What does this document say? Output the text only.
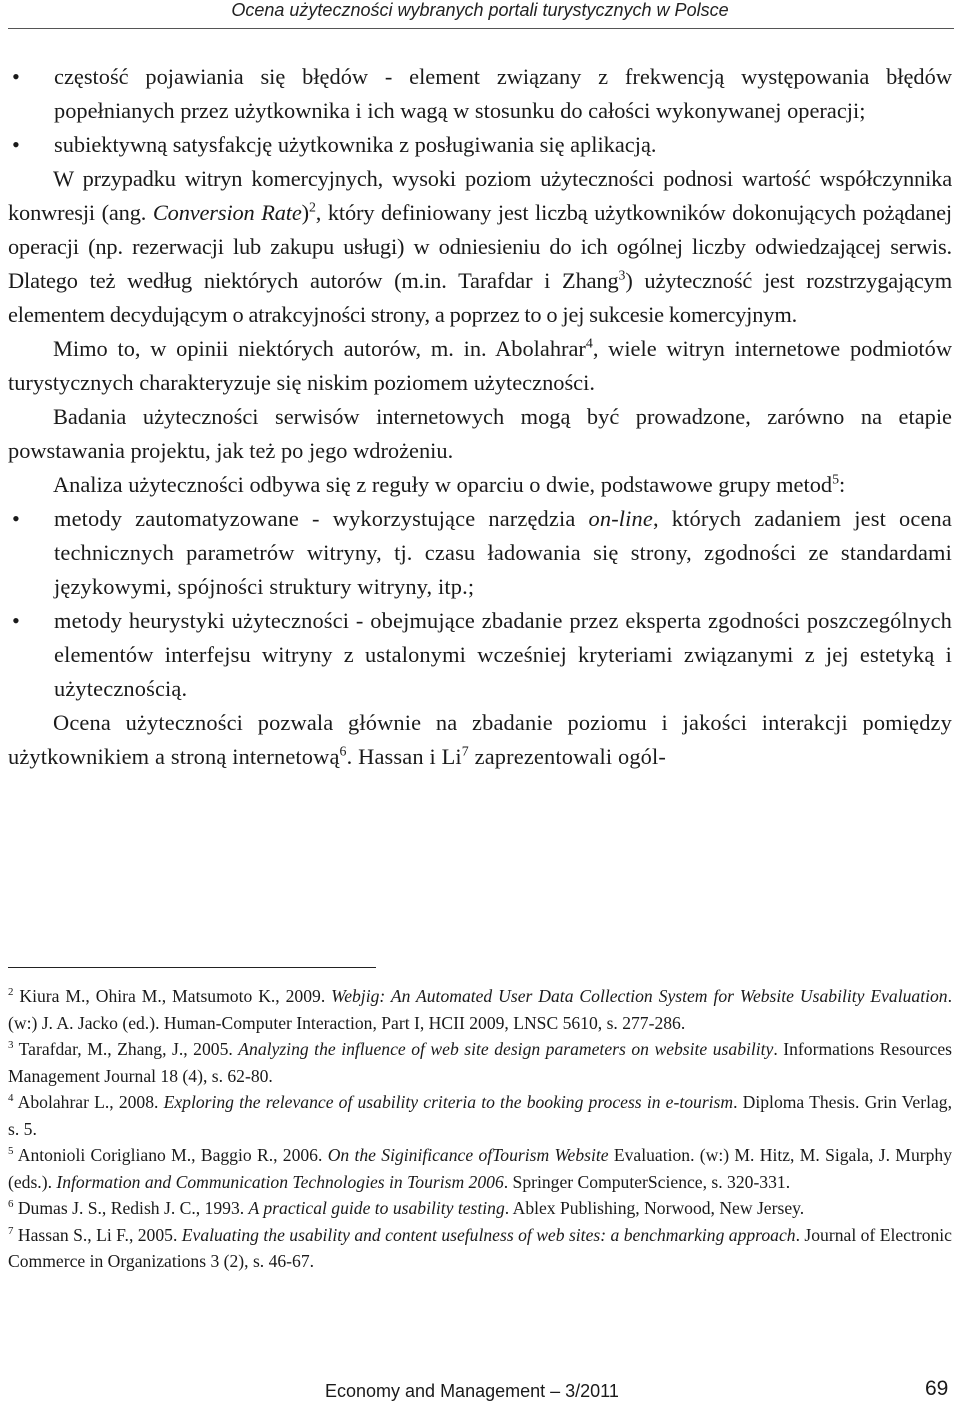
Ocena użyteczności wybranych portali turystycznych w Polsce

• częstość pojawiania się błędów - element związany z frekwencją występowania błędów popełnianych przez użytkownika i ich wagą w stosunku do całości wykonywanej operacji;

• subiektywną satysfakcję użytkownika z posługiwania się aplikacją.

W przypadku witryn komercyjnych, wysoki poziom użyteczności podnosi wartość współczynnika konwresji (ang. Conversion Rate)$^2$, który definiowany jest liczbą użytkowników dokonujących pożądanej operacji (np. rezerwacji lub zakupu usługi) w odniesieniu do ich ogólnej liczby odwiedzającej serwis. Dlatego też według niektórych autorów (m.in. Tarafdar i Zhang$^3$) użyteczność jest rozstrzygającym elementem decydującym o atrakcyjności strony, a poprzez to o jej sukcesie komercyjnym.

Mimo to, w opinii niektórych autorów, m. in. Abolahrar$^4$, wiele witryn internetowe podmiotów turystycznych charakteryzuje się niskim poziomem użyteczności.

Badania użyteczności serwisów internetowych mogą być prowadzone, zarówno na etapie powstawania projektu, jak też po jego wdrożeniu.

Analiza użyteczności odbywa się z reguły w oparciu o dwie, podstawowe grupy metod$^5$:

• metody zautomatyzowane - wykorzystujące narzędzia on-line, których zadaniem jest ocena technicznych parametrów witryny, tj. czasu ładowania się strony, zgodności ze standardami językowymi, spójności struktury witryny, itp.;

• metody heurystyki użyteczności - obejmujące zbadanie przez eksperta zgodności poszczególnych elementów interfejsu witryny z ustalonymi wcześniej kryteriami związanymi z jej estetyką i użytecznością.

Ocena użyteczności pozwala głównie na zbadanie poziomu i jakości interakcji pomiędzy użytkownikiem a stroną internetową$^6$. Hassan i Li$^7$ zaprezentowali ogól-

$^2$ Kiura M., Ohira M., Matsumoto K., 2009. Webjig: An Automated User Data Collection System for Website Usability Evaluation. (w:) J. A. Jacko (ed.). Human-Computer Interaction, Part I, HCII 2009, LNSC 5610, s. 277-286.

$^3$ Tarafdar, M., Zhang, J., 2005. Analyzing the influence of web site design parameters on website usability. Informations Resources Management Journal 18 (4), s. 62-80.

$^4$ Abolahrar L., 2008. Exploring the relevance of usability criteria to the booking process in e-tourism. Diploma Thesis. Grin Verlag, s. 5.

$^5$ Antonioli Corigliano M., Baggio R., 2006. On the Siginificance ofTourism Website Evaluation. (w:) M. Hitz, M. Sigala, J. Murphy (eds.). Information and Communication Technologies in Tourism 2006. Springer ComputerScience, s. 320-331.

$^6$ Dumas J. S., Redish J. C., 1993. A practical guide to usability testing. Ablex Publishing, Norwood, New Jersey.

$^7$ Hassan S., Li F., 2005. Evaluating the usability and content usefulness of web sites: a benchmarking approach. Journal of Electronic Commerce in Organizations 3 (2), s. 46-67.

Economy and Management – 3/2011	69
